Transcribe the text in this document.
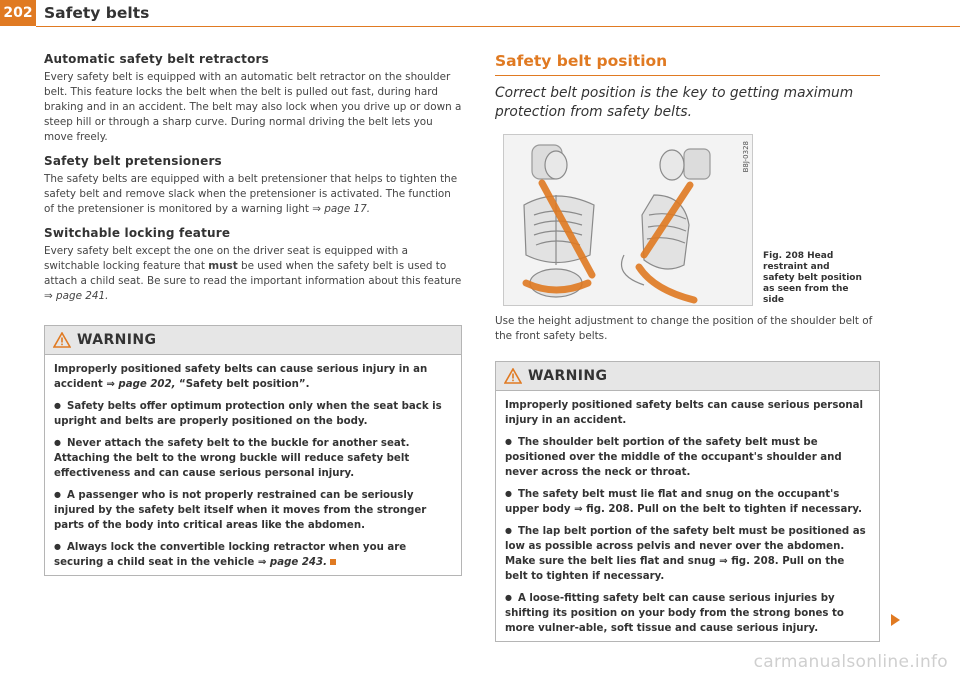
202 Safety belts
Automatic safety belt retractors

Every safety belt is equipped with an automatic belt retractor on the shoulder belt. This feature locks the belt when the belt is pulled out fast, during hard braking and in an accident. The belt may also lock when you drive up or down a steep hill or through a sharp curve. During normal driving the belt lets you move freely.

Safety belt pretensioners

The safety belts are equipped with a belt pretensioner that helps to tighten the safety belt and remove slack when the pretensioner is activated. The function of the pretensioner is monitored by a warning light ⇒ page 17.

Switchable locking feature

Every safety belt except the one on the driver seat is equipped with a switchable locking feature that must be used when the safety belt is used to attach a child seat. Be sure to read the important information about this feature ⇒ page 241.

WARNING

Improperly positioned safety belts can cause serious injury in an accident ⇒ page 202, “Safety belt position”.

● Safety belts offer optimum protection only when the seat back is upright and belts are properly positioned on the body.

● Never attach the safety belt to the buckle for another seat. Attaching the belt to the wrong buckle will reduce safety belt effectiveness and can cause serious personal injury.

● A passenger who is not properly restrained can be seriously injured by the safety belt itself when it moves from the stronger parts of the body into critical areas like the abdomen.

● Always lock the convertible locking retractor when you are securing a child seat in the vehicle ⇒ page 243.

Safety belt position

Correct belt position is the key to getting maximum protection from safety belts.

B8J-0328
Fig. 208 Head restraint and safety belt position as seen from the side

Use the height adjustment to change the position of the shoulder belt of the front safety belts.

WARNING

Improperly positioned safety belts can cause serious personal injury in an accident.

● The shoulder belt portion of the safety belt must be positioned over the middle of the occupant's shoulder and never across the neck or throat.

● The safety belt must lie flat and snug on the occupant's upper body ⇒ fig. 208. Pull on the belt to tighten if necessary.

● The lap belt portion of the safety belt must be positioned as low as possible across pelvis and never over the abdomen. Make sure the belt lies flat and snug ⇒ fig. 208. Pull on the belt to tighten if necessary.

● A loose-fitting safety belt can cause serious injuries by shifting its position on your body from the strong bones to more vulner-able, soft tissue and cause serious injury.

carmanualsonline.info
